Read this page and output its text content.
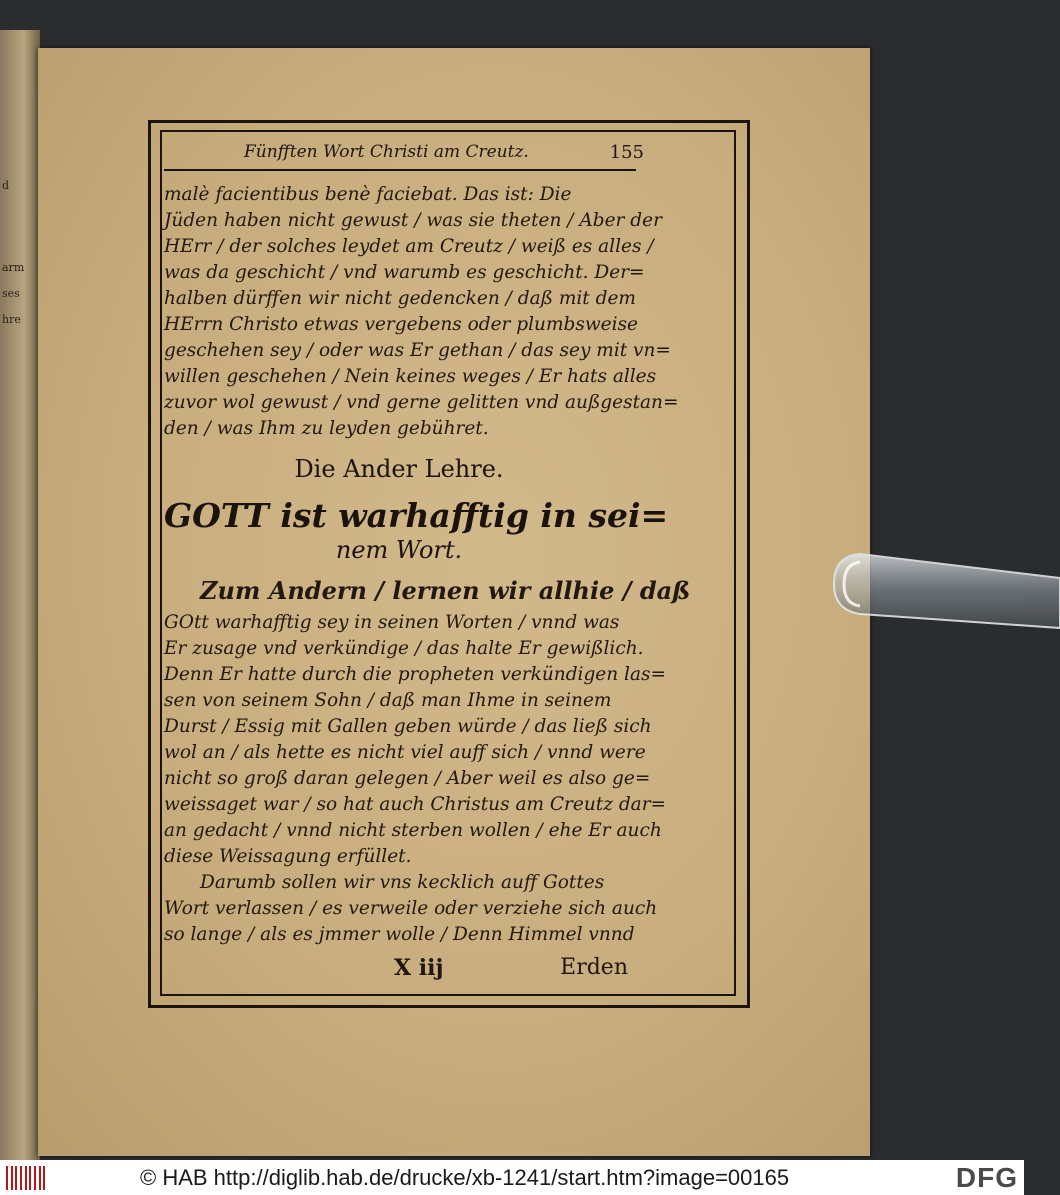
d
arm
ses
hre
Fünfften Wort Christi am Creutz.	155
malè facientibus benè faciebat. Das ist: Die
Jüden haben nicht gewust / was sie theten / Aber der
HErr / der solches leydet am Creutz / weiß es alles /
was da geschicht / vnd warumb es geschicht. Der=
halben dürffen wir nicht gedencken / daß mit dem
HErrn Christo etwas vergebens oder plumbsweise
geschehen sey / oder was Er gethan / das sey mit vn=
willen geschehen / Nein keines weges / Er hats alles
zuvor wol gewust / vnd gerne gelitten vnd außgestan=
den / was Ihm zu leyden gebühret.
Die Ander Lehre.
GOTT ist warhafftig in sei=
nem Wort.
Zum Andern / lernen wir allhie / daß
GOtt warhafftig sey in seinen Worten / vnnd was
Er zusage vnd verkündige / das halte Er gewißlich.
Denn Er hatte durch die propheten verkündigen las=
sen von seinem Sohn / daß man Ihme in seinem
Durst / Essig mit Gallen geben würde / das ließ sich
wol an / als hette es nicht viel auff sich / vnnd were
nicht so groß daran gelegen / Aber weil es also ge=
weissaget war / so hat auch Christus am Creutz dar=
an gedacht / vnnd nicht sterben wollen / ehe Er auch
diese Weissagung erfüllet.
Darumb sollen wir vns kecklich auff Gottes
Wort verlassen / es verweile oder verziehe sich auch
so lange / als es jmmer wolle / Denn Himmel vnnd
X iij	Erden
© HAB http://diglib.hab.de/drucke/xb-1241/start.htm?image=00165	DFG
